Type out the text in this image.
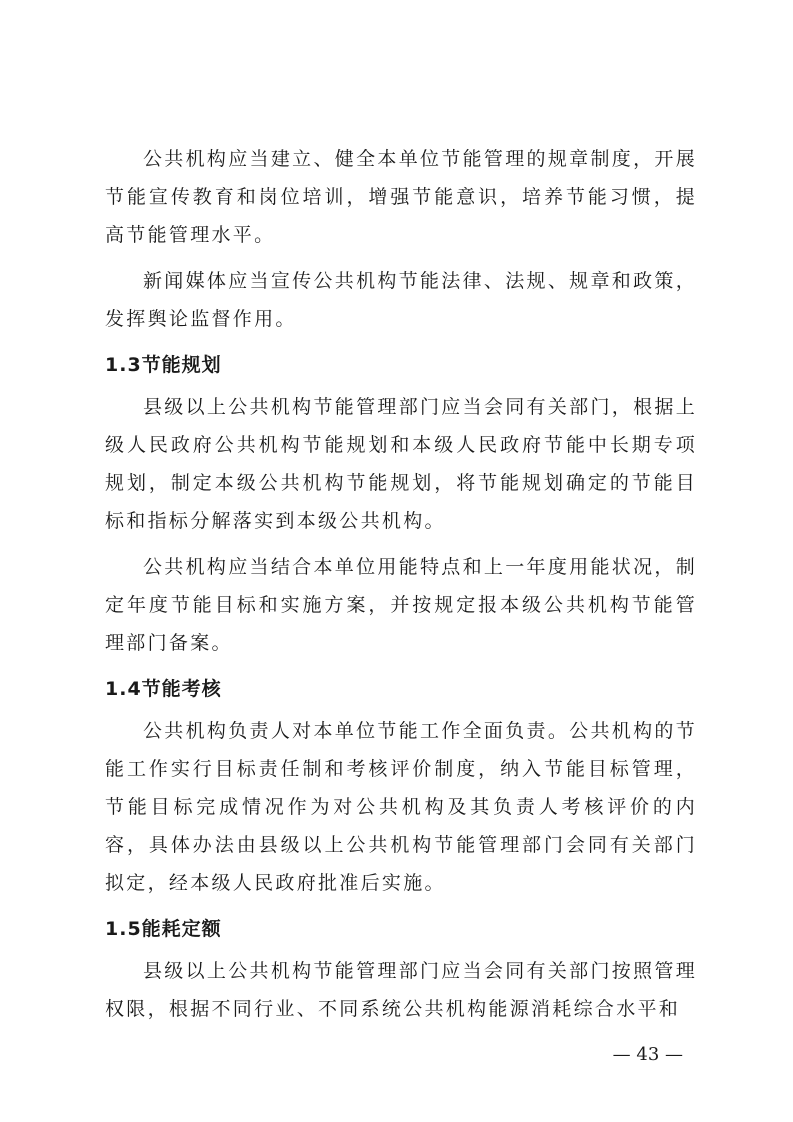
公共机构应当建立、健全本单位节能管理的规章制度，开展节能宣传教育和岗位培训，增强节能意识，培养节能习惯，提高节能管理水平。

新闻媒体应当宣传公共机构节能法律、法规、规章和政策，发挥舆论监督作用。

1.3节能规划

县级以上公共机构节能管理部门应当会同有关部门，根据上级人民政府公共机构节能规划和本级人民政府节能中长期专项规划，制定本级公共机构节能规划，将节能规划确定的节能目标和指标分解落实到本级公共机构。

公共机构应当结合本单位用能特点和上一年度用能状况，制定年度节能目标和实施方案，并按规定报本级公共机构节能管理部门备案。

1.4节能考核

公共机构负责人对本单位节能工作全面负责。公共机构的节能工作实行目标责任制和考核评价制度，纳入节能目标管理，节能目标完成情况作为对公共机构及其负责人考核评价的内容，具体办法由县级以上公共机构节能管理部门会同有关部门拟定，经本级人民政府批准后实施。

1.5能耗定额

县级以上公共机构节能管理部门应当会同有关部门按照管理权限，根据不同行业、不同系统公共机构能源消耗综合水平和

— 43 —
